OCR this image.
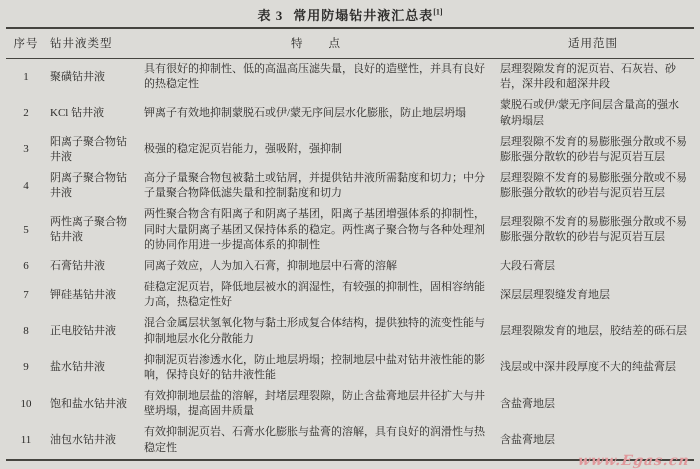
表 3 常用防塌钻井液汇总表[1]
序号	钻井液类型	特　　点	适用范围
1	聚磺钻井液	具有很好的抑制性、低的高温高压滤失量，良好的造壁性，并具有良好的热稳定性	层理裂隙发育的泥页岩、石灰岩、砂岩，深井段和超深井段
2	KCl 钻井液	钾离子有效地抑制蒙脱石或伊/蒙无序间层水化膨胀，防止地层坍塌	蒙脱石或伊/蒙无序间层含量高的强水敏坍塌层
3	阳离子聚合物钻井液	极强的稳定泥页岩能力，强吸附，强抑制	层理裂隙不发育的易膨胀强分散或不易膨胀强分散软的砂岩与泥页岩互层
4	阴离子聚合物钻井液	高分子量聚合物包被黏土或钻屑，并提供钻井液所需黏度和切力；中分子量聚合物降低滤失量和控制黏度和切力	层理裂隙不发育的易膨胀强分散或不易膨胀强分散软的砂岩与泥页岩互层
5	两性离子聚合物钻井液	两性聚合物含有阳离子和阴离子基团，阳离子基团增强体系的抑制性，同时大量阴离子基团又保持体系的稳定。两性离子聚合物与各种处理剂的协同作用进一步提高体系的抑制性	层理裂隙不发育的易膨胀强分散或不易膨胀强分散软的砂岩与泥页岩互层
6	石膏钻井液	同离子效应，人为加入石膏，抑制地层中石膏的溶解	大段石膏层
7	钾硅基钻井液	硅稳定泥页岩，降低地层被水的润湿性，有较强的抑制性，固相容纳能力高，热稳定性好	深层层理裂缝发育地层
8	正电胶钻井液	混合金属层状氢氧化物与黏土形成复合体结构，提供独特的流变性能与抑制地层水化分散能力	层理裂隙发育的地层，胶结差的砾石层
9	盐水钻井液	抑制泥页岩渗透水化，防止地层坍塌；控制地层中盐对钻井液性能的影响，保持良好的钻井液性能	浅层或中深井段厚度不大的纯盐膏层
10	饱和盐水钻井液	有效抑制地层盐的溶解，封堵层理裂隙，防止含盐膏地层井径扩大与井壁坍塌，提高固井质量	含盐膏地层
11	油包水钻井液	有效抑制泥页岩、石膏水化膨胀与盐膏的溶解，具有良好的润滑性与热稳定性	含盐膏地层
www.Egas.cn
